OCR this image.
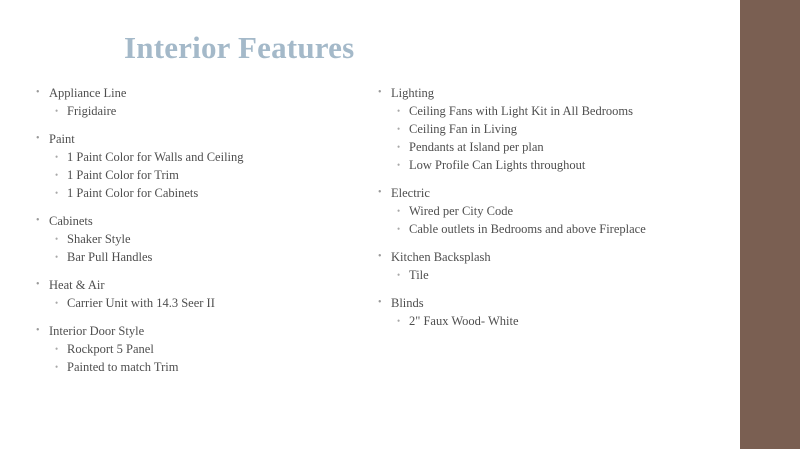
Interior Features
• Appliance Line
• Frigidaire
• Paint
• 1 Paint Color for Walls and Ceiling
• 1 Paint Color for Trim
• 1 Paint Color for Cabinets
• Cabinets
• Shaker Style
• Bar Pull Handles
• Heat & Air
• Carrier Unit with 14.3 Seer II
• Interior Door Style
• Rockport 5 Panel
• Painted to match Trim
• Lighting
• Ceiling Fans with Light Kit in All Bedrooms
• Ceiling Fan in Living
• Pendants at Island per plan
• Low Profile Can Lights throughout
• Electric
• Wired per City Code
• Cable outlets in Bedrooms and above Fireplace
• Kitchen Backsplash
• Tile
• Blinds
• 2" Faux Wood- White
